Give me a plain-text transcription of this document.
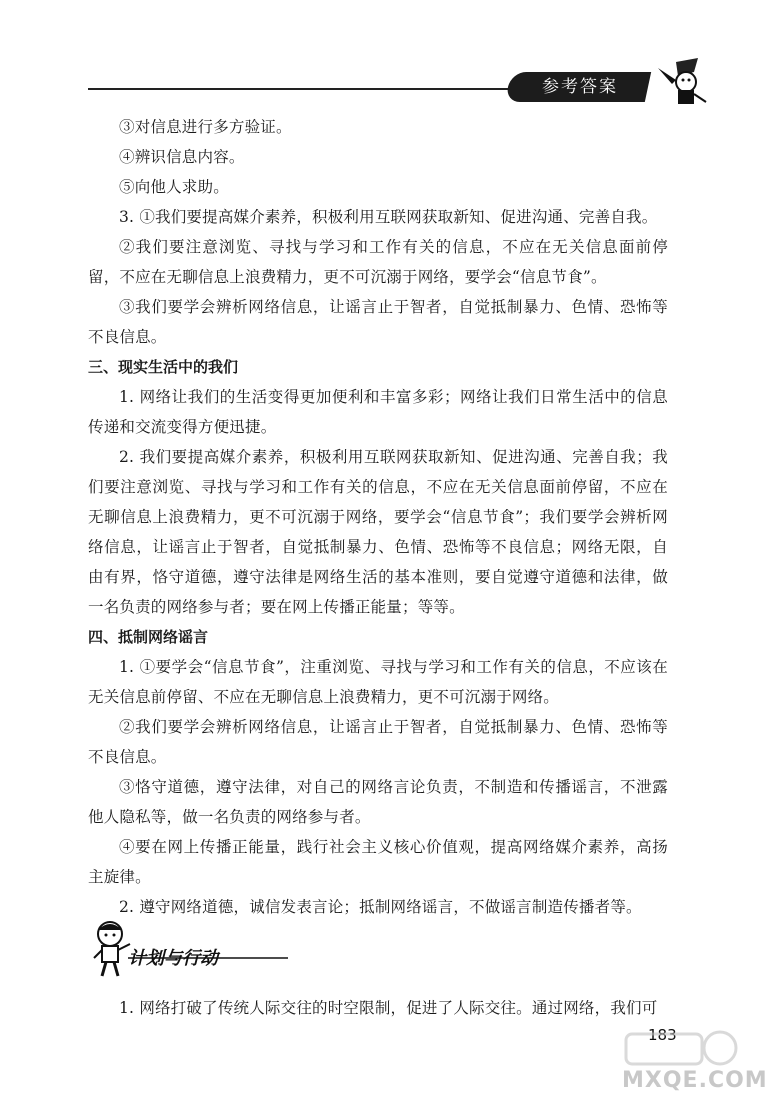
参考答案

③对信息进行多方验证。

④辨识信息内容。

⑤向他人求助。

3. ①我们要提高媒介素养，积极利用互联网获取新知、促进沟通、完善自我。

②我们要注意浏览、寻找与学习和工作有关的信息，不应在无关信息面前停留，不应在无聊信息上浪费精力，更不可沉溺于网络，要学会“信息节食”。

③我们要学会辨析网络信息，让谣言止于智者，自觉抵制暴力、色情、恐怖等不良信息。

三、现实生活中的我们

1. 网络让我们的生活变得更加便利和丰富多彩；网络让我们日常生活中的信息传递和交流变得方便迅捷。

2. 我们要提高媒介素养，积极利用互联网获取新知、促进沟通、完善自我；我们要注意浏览、寻找与学习和工作有关的信息，不应在无关信息面前停留，不应在无聊信息上浪费精力，更不可沉溺于网络，要学会“信息节食”；我们要学会辨析网络信息，让谣言止于智者，自觉抵制暴力、色情、恐怖等不良信息；网络无限，自由有界，恪守道德，遵守法律是网络生活的基本准则，要自觉遵守道德和法律，做一名负责的网络参与者；要在网上传播正能量；等等。

四、抵制网络谣言

1. ①要学会“信息节食”，注重浏览、寻找与学习和工作有关的信息，不应该在无关信息前停留、不应在无聊信息上浪费精力，更不可沉溺于网络。

②我们要学会辨析网络信息，让谣言止于智者，自觉抵制暴力、色情、恐怖等不良信息。

③恪守道德，遵守法律，对自己的网络言论负责，不制造和传播谣言，不泄露他人隐私等，做一名负责的网络参与者。

④要在网上传播正能量，践行社会主义核心价值观，提高网络媒介素养，高扬主旋律。

2. 遵守网络道德，诚信发表言论；抵制网络谣言，不做谣言制造传播者等。

计划与行动

1. 网络打破了传统人际交往的时空限制，促进了人际交往。通过网络，我们可

183
MXQE.COM
